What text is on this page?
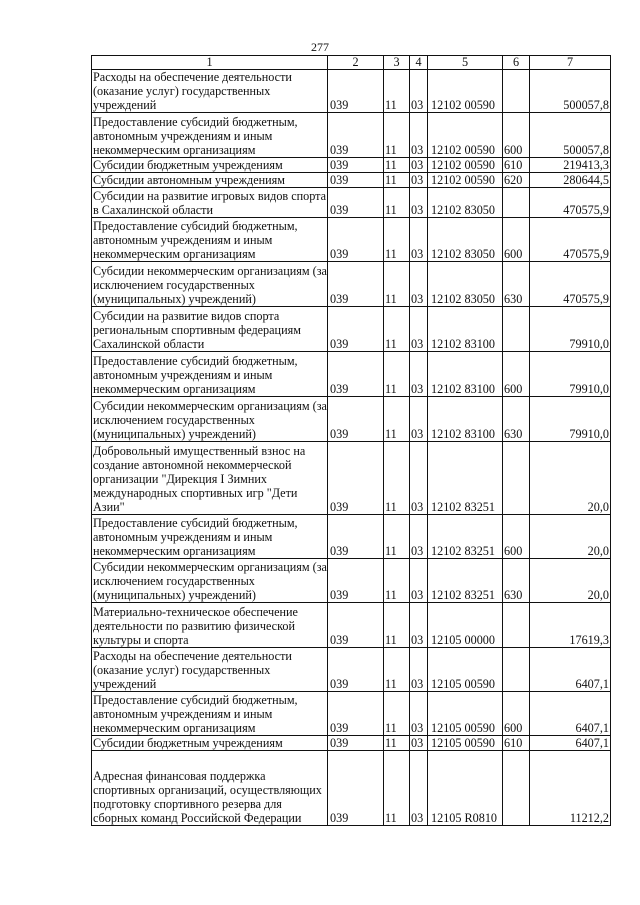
277
1	2	3	4	5	6	7
Расходы на обеспечение деятельности (оказание услуг) государственных учреждений	039	11	03	12102 00590		500057,8
Предоставление субсидий бюджетным, автономным учреждениям и иным некоммерческим организациям	039	11	03	12102 00590	600	500057,8
Субсидии бюджетным учреждениям	039	11	03	12102 00590	610	219413,3
Субсидии автономным учреждениям	039	11	03	12102 00590	620	280644,5
Субсидии на развитие игровых видов спорта в Сахалинской области	039	11	03	12102 83050		470575,9
Предоставление субсидий бюджетным, автономным учреждениям и иным некоммерческим организациям	039	11	03	12102 83050	600	470575,9
Субсидии некоммерческим организациям (за исключением государственных (муниципальных) учреждений)	039	11	03	12102 83050	630	470575,9
Субсидии на развитие видов спорта региональным спортивным федерациям Сахалинской области	039	11	03	12102 83100		79910,0
Предоставление субсидий бюджетным, автономным учреждениям и иным некоммерческим организациям	039	11	03	12102 83100	600	79910,0
Субсидии некоммерческим организациям (за исключением государственных (муниципальных) учреждений)	039	11	03	12102 83100	630	79910,0
Добровольный имущественный взнос на создание автономной некоммерческой организации "Дирекция I Зимних международных спортивных игр "Дети Азии"	039	11	03	12102 83251		20,0
Предоставление субсидий бюджетным, автономным учреждениям и иным некоммерческим организациям	039	11	03	12102 83251	600	20,0
Субсидии некоммерческим организациям (за исключением государственных (муниципальных) учреждений)	039	11	03	12102 83251	630	20,0
Материально-техническое обеспечение деятельности по развитию физической культуры и спорта	039	11	03	12105 00000		17619,3
Расходы на обеспечение деятельности (оказание услуг) государственных учреждений	039	11	03	12105 00590		6407,1
Предоставление субсидий бюджетным, автономным учреждениям и иным некоммерческим организациям	039	11	03	12105 00590	600	6407,1
Субсидии бюджетным учреждениям	039	11	03	12105 00590	610	6407,1
Адресная финансовая поддержка спортивных организаций, осуществляющих подготовку спортивного резерва для сборных команд Российской Федерации	039	11	03	12105 R0810		11212,2
